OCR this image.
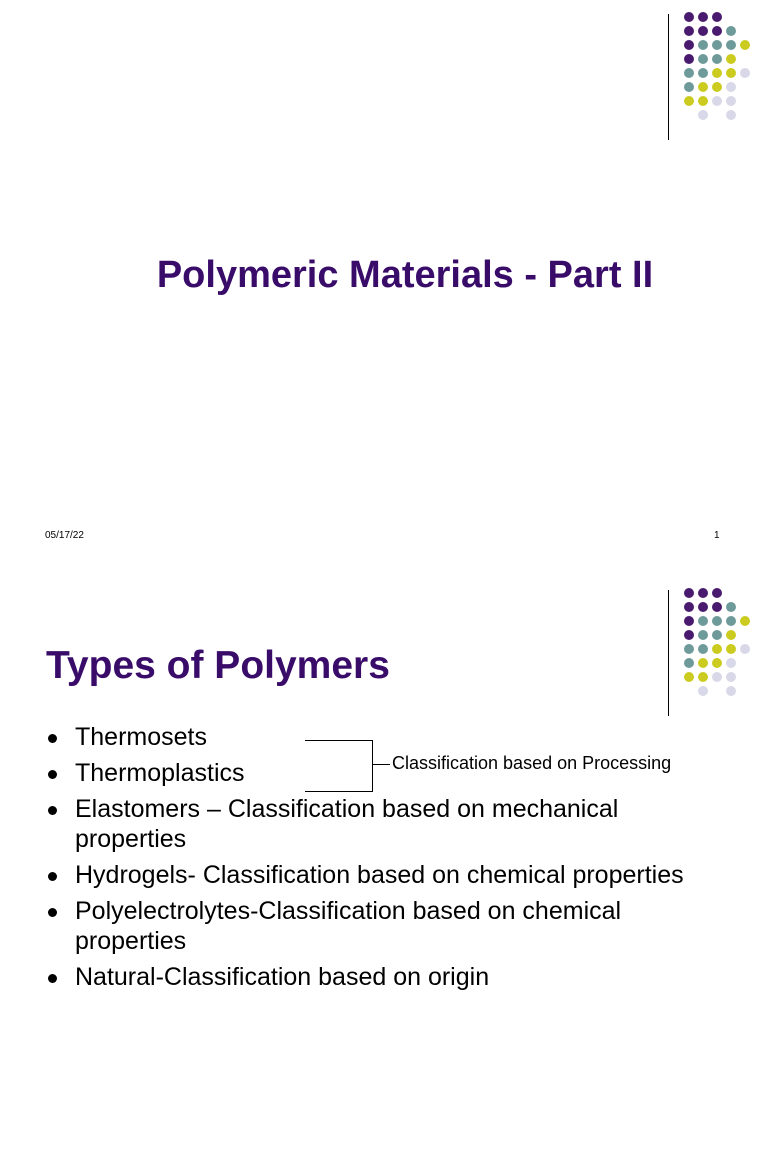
Polymeric Materials - Part II
05/17/22	1
Types of Polymers
Thermosets
Thermoplastics
Elastomers – Classification based on mechanical properties
Hydrogels- Classification based on chemical properties
Polyelectrolytes-Classification based on chemical properties
Natural-Classification based on origin
Classification based on Processing
